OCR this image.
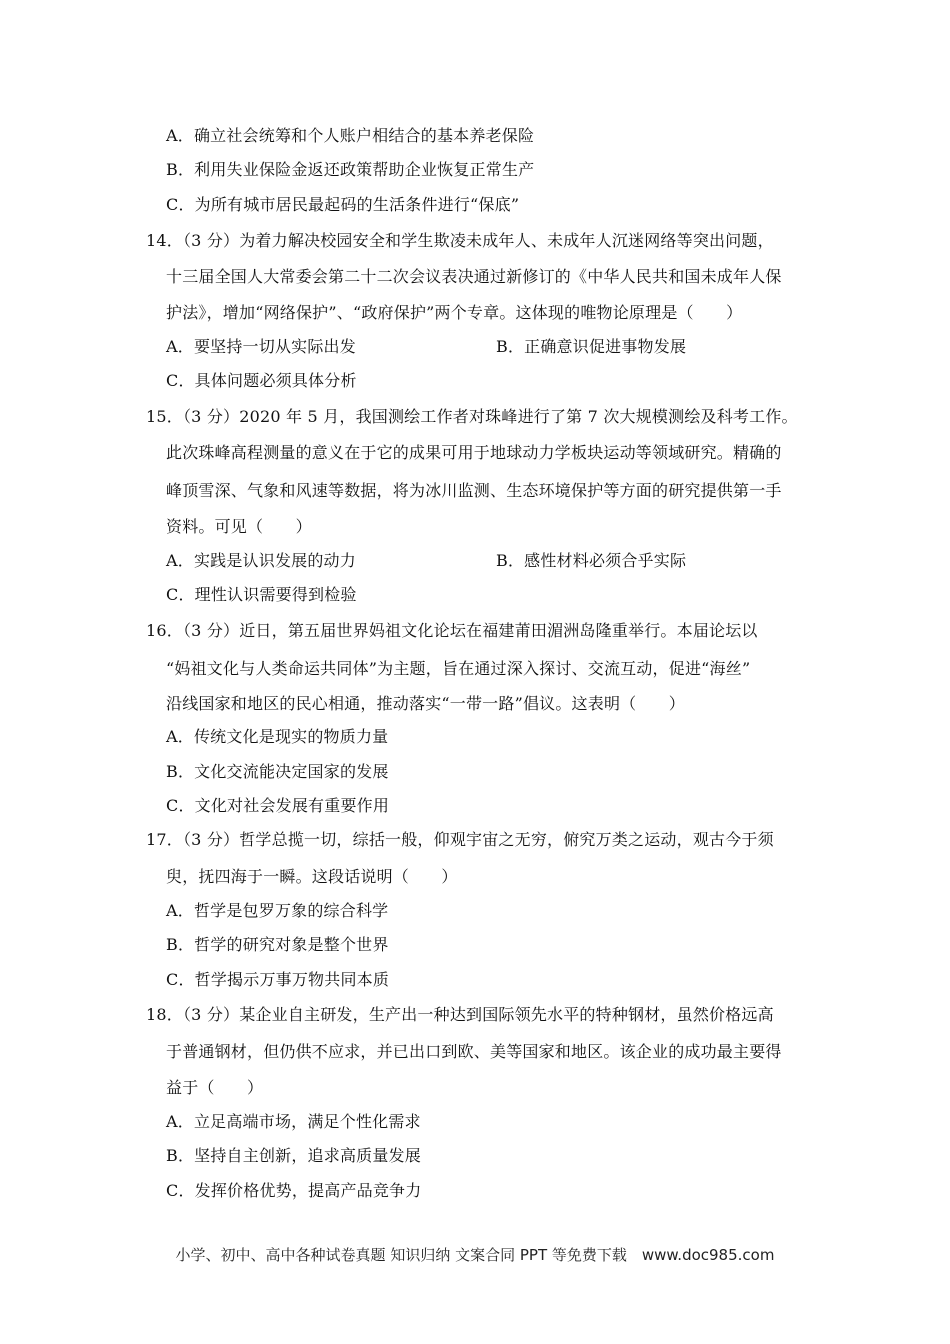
A．确立社会统筹和个人账户相结合的基本养老保险
B．利用失业保险金返还政策帮助企业恢复正常生产
C．为所有城市居民最起码的生活条件进行“保底”
14．（3 分）为着力解决校园安全和学生欺凌未成年人、未成年人沉迷网络等突出问题，
十三届全国人大常委会第二十二次会议表决通过新修订的《中华人民共和国未成年人保
护法》，增加“网络保护”、“政府保护”两个专章。这体现的唯物论原理是（　　）
A．要坚持一切从实际出发	B．正确意识促进事物发展
C．具体问题必须具体分析
15．（3 分）2020 年 5 月，我国测绘工作者对珠峰进行了第 7 次大规模测绘及科考工作。
此次珠峰高程测量的意义在于它的成果可用于地球动力学板块运动等领域研究。精确的
峰顶雪深、气象和风速等数据，将为冰川监测、生态环境保护等方面的研究提供第一手
资料。可见（　　）
A．实践是认识发展的动力	B．感性材料必须合乎实际
C．理性认识需要得到检验
16．（3 分）近日，第五届世界妈祖文化论坛在福建莆田湄洲岛隆重举行。本届论坛以
“妈祖文化与人类命运共同体”为主题，旨在通过深入探讨、交流互动，促进“海丝”
沿线国家和地区的民心相通，推动落实“一带一路”倡议。这表明（　　）
A．传统文化是现实的物质力量
B．文化交流能决定国家的发展
C．文化对社会发展有重要作用
17．（3 分）哲学总揽一切，综括一般，仰观宇宙之无穷，俯究万类之运动，观古今于须
臾，抚四海于一瞬。这段话说明（　　）
A．哲学是包罗万象的综合科学
B．哲学的研究对象是整个世界
C．哲学揭示万事万物共同本质
18．（3 分）某企业自主研发，生产出一种达到国际领先水平的特种钢材，虽然价格远高
于普通钢材，但仍供不应求，并已出口到欧、美等国家和地区。该企业的成功最主要得
益于（　　）
A．立足高端市场，满足个性化需求
B．坚持自主创新，追求高质量发展
C．发挥价格优势，提高产品竞争力
小学、初中、高中各种试卷真题 知识归纳 文案合同 PPT 等免费下载　www.doc985.com
